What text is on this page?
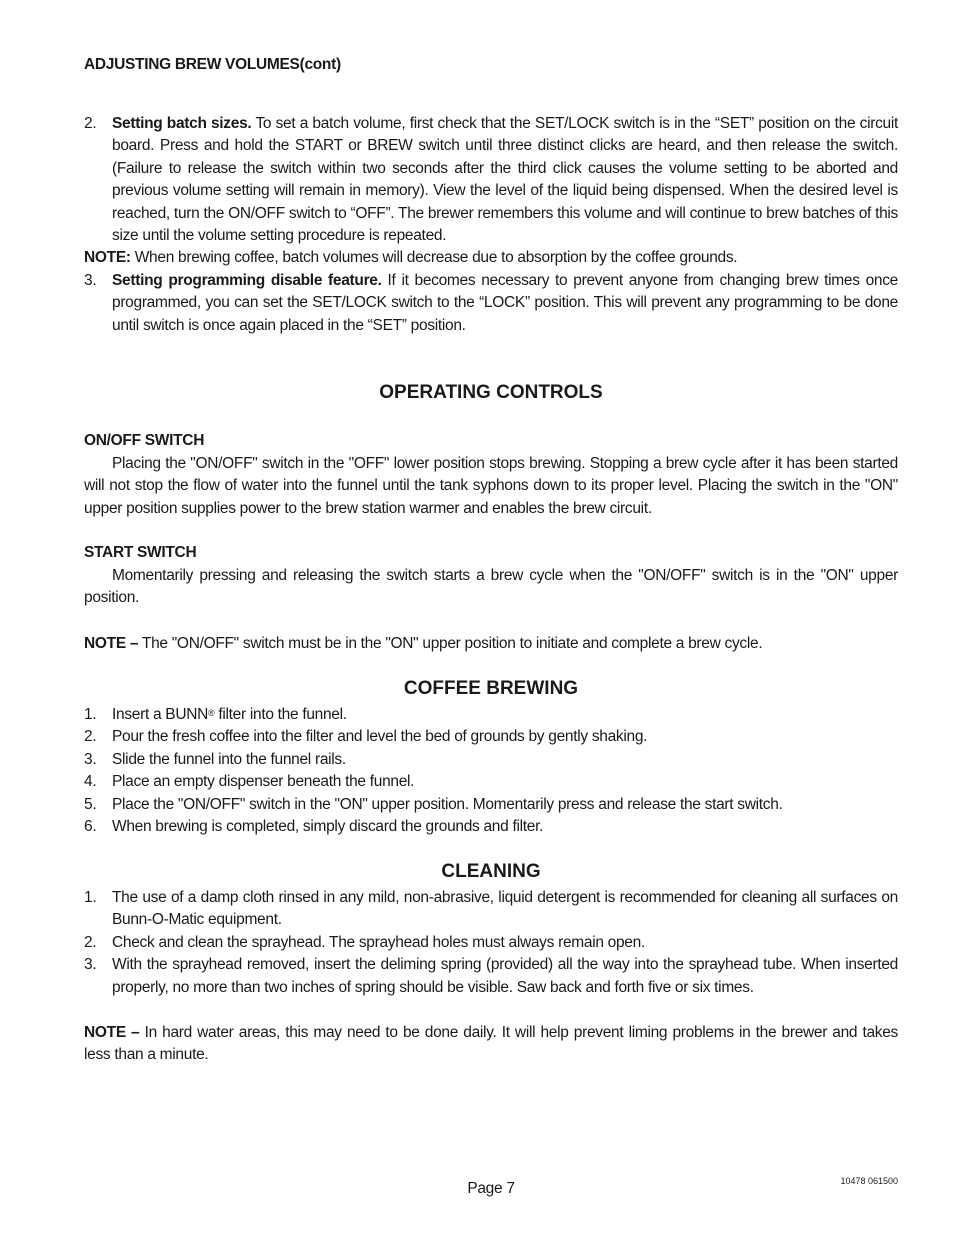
ADJUSTING BREW VOLUMES(cont)
2.	Setting batch sizes. To set a batch volume, first check that the SET/LOCK switch is in the “SET” position on the circuit board. Press and hold the START or BREW switch until three distinct clicks are heard, and then release the switch. (Failure to release the switch within two seconds after the third click causes the volume setting to be aborted and previous volume setting will remain in memory). View the level of the liquid being dispensed. When the desired level is reached, turn the ON/OFF switch to “OFF”. The brewer remembers this volume and will continue to brew batches of this size until the volume setting procedure is repeated.
NOTE: When brewing coffee, batch volumes will decrease due to absorption by the coffee grounds.
3.	Setting programming disable feature. If it becomes necessary to prevent anyone from changing brew times once programmed, you can set the SET/LOCK switch to the “LOCK” position. This will prevent any programming to be done until switch is once again placed in the “SET” position.
OPERATING CONTROLS
ON/OFF SWITCH
Placing the "ON/OFF" switch in the "OFF" lower position stops brewing. Stopping a brew cycle after it has been started will not stop the flow of water into the funnel until the tank syphons down to its proper level. Placing the switch in the "ON" upper position supplies power to the brew station warmer and enables the brew circuit.
START SWITCH
Momentarily pressing and releasing the switch starts a brew cycle when the "ON/OFF" switch is in the "ON" upper position.
NOTE – The "ON/OFF" switch must be in the "ON" upper position to initiate and complete a brew cycle.
COFFEE BREWING
1.	Insert a BUNN® filter into the funnel.
2.	Pour the fresh coffee into the filter and level the bed of grounds by gently shaking.
3.	Slide the funnel into the funnel rails.
4.	Place an empty dispenser beneath the funnel.
5.	Place the "ON/OFF" switch in the "ON" upper position. Momentarily press and release the start switch.
6.	When brewing is completed, simply discard the grounds and filter.
CLEANING
1.	The use of a damp cloth rinsed in any mild, non-abrasive, liquid detergent is recommended for cleaning all surfaces on Bunn-O-Matic equipment.
2.	Check and clean the sprayhead. The sprayhead holes must always remain open.
3.	With the sprayhead removed, insert the deliming spring (provided) all the way into the sprayhead tube. When inserted properly, no more than two inches of spring should be visible. Saw back and forth five or six times.
NOTE – In hard water areas, this may need to be done daily. It will help prevent liming problems in the brewer and takes less than a minute.
Page 7	10478 061500
